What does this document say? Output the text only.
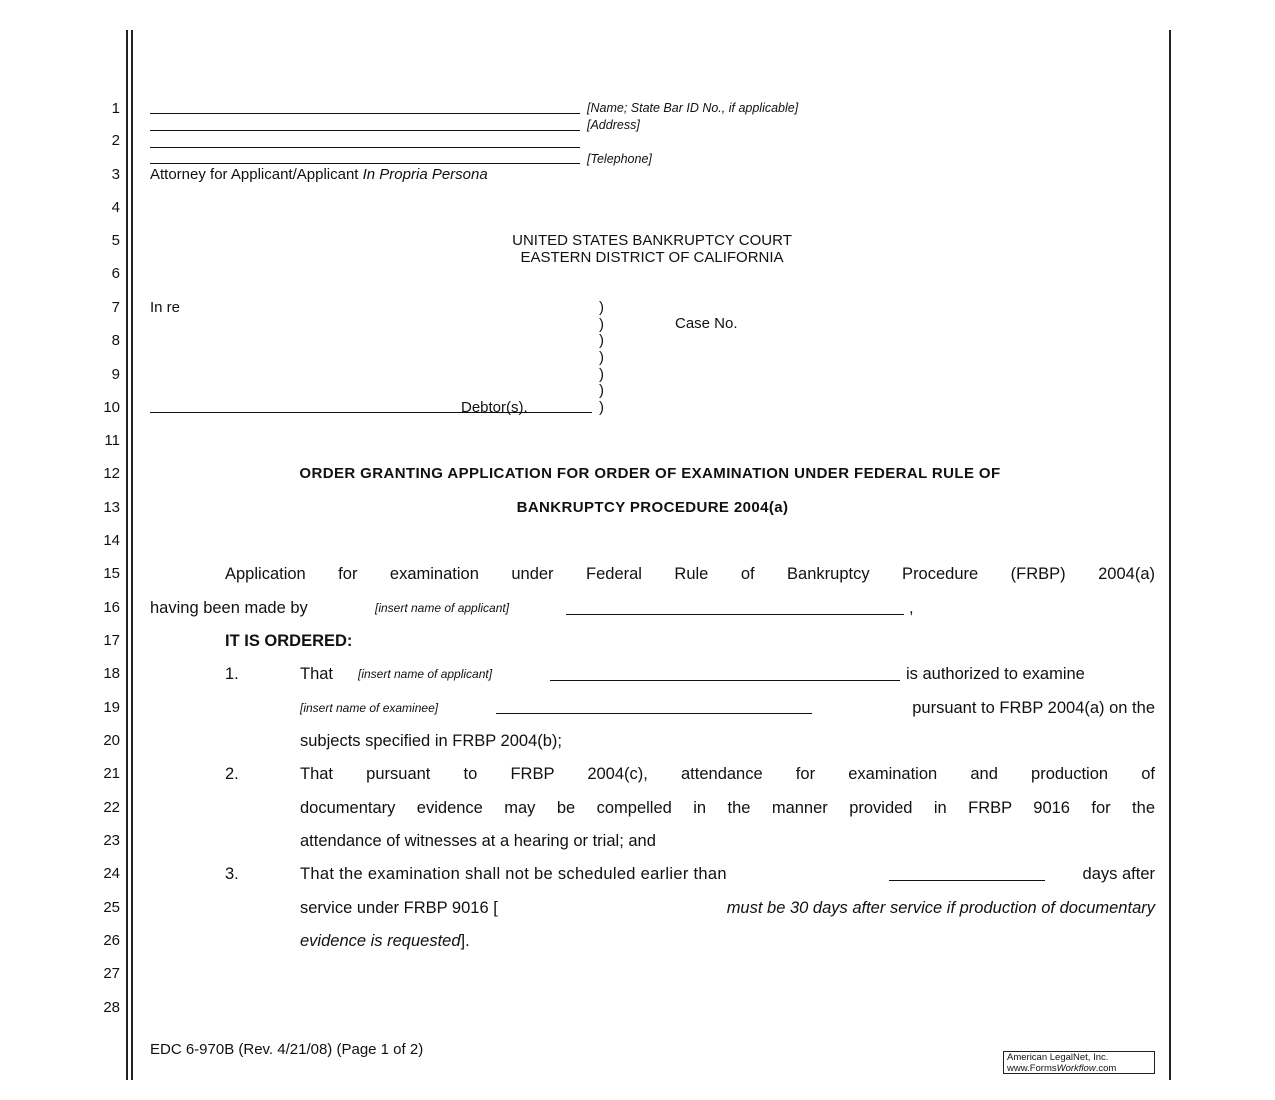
1
2
3
4
5
6
7
8
9
10
11
12
13
14
15
16
17
18
19
20
21
22
23
24
25
26
27
28
[Name; State Bar ID No., if applicable]
[Address]
[Telephone]
Attorney for Applicant/Applicant In Propria Persona
UNITED STATES BANKRUPTCY COURT
EASTERN DISTRICT OF CALIFORNIA
In re	)
)
)
)
)
)
)
Case No.
Debtor(s).
ORDER GRANTING APPLICATION FOR ORDER OF EXAMINATION UNDER FEDERAL RULE OF
BANKRUPTCY PROCEDURE 2004(a)
Application for examination under Federal Rule of Bankruptcy Procedure (FRBP) 2004(a)
having been made by	[insert name of applicant]	,
IT IS ORDERED:
1.	That [insert name of applicant]	is authorized to examine
[insert name of examinee]	pursuant to FRBP 2004(a) on the
subjects specified in FRBP 2004(b);
2.	That pursuant to FRBP 2004(c), attendance for examination and production of
documentary evidence may be compelled in the manner provided in FRBP 9016 for the
attendance of witnesses at a hearing or trial; and
3.	That the examination shall not be scheduled earlier than	days after
service under FRBP 9016 [	must be 30 days after service if production of documentary
evidence is requested].
EDC 6-970B (Rev. 4/21/08) (Page 1 of 2)	American LegalNet, Inc.
www.FormsWorkflow.com
